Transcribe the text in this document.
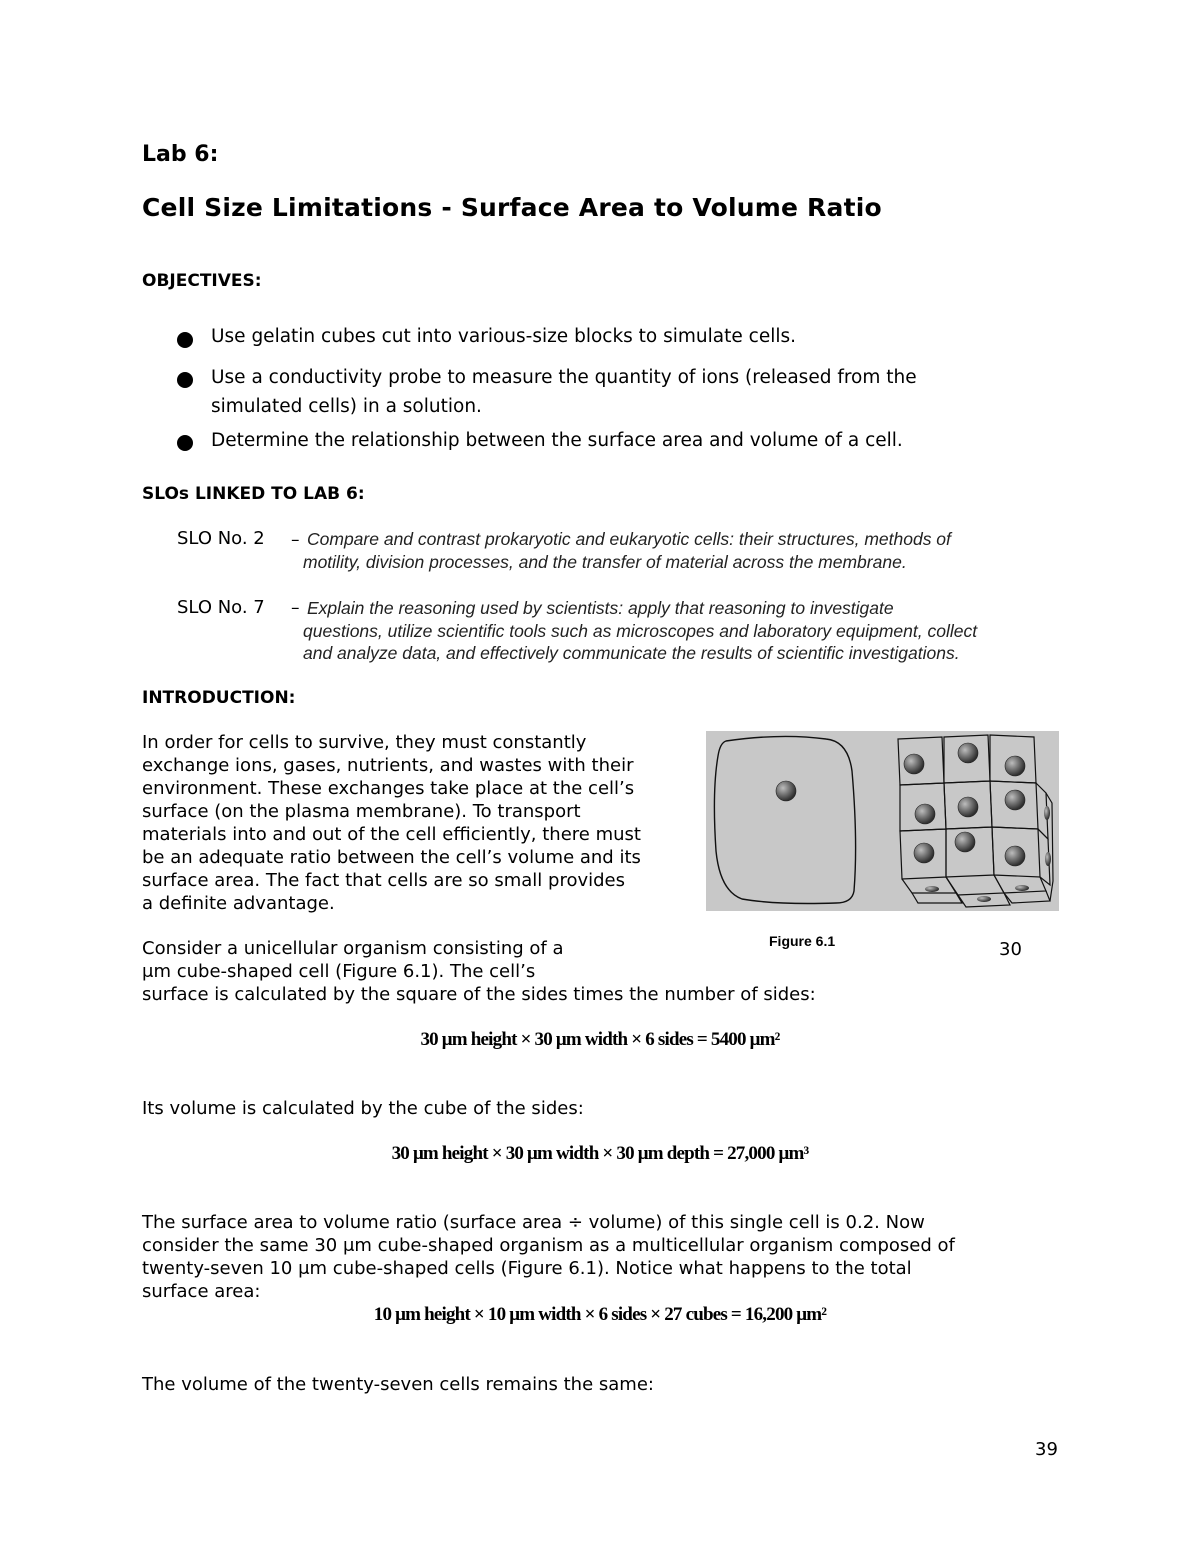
Lab 6:
Cell Size Limitations - Surface Area to Volume Ratio
OBJECTIVES:
Use gelatin cubes cut into various-size blocks to simulate cells.
Use a conductivity probe to measure the quantity of ions (released from the
simulated cells) in a solution.
Determine the relationship between the surface area and volume of a cell.
SLOs LINKED TO LAB 6:
SLO No. 2 – Compare and contrast prokaryotic and eukaryotic cells: their structures, methods of
motility, division processes, and the transfer of material across the membrane.
SLO No. 7 – Explain the reasoning used by scientists: apply that reasoning to investigate
questions, utilize scientific tools such as microscopes and laboratory equipment, collect
and analyze data, and effectively communicate the results of scientific investigations.
INTRODUCTION:
In order for cells to survive, they must constantly
exchange ions, gases, nutrients, and wastes with their
environment. These exchanges take place at the cell’s
surface (on the plasma membrane). To transport
materials into and out of the cell efficiently, there must
be an adequate ratio between the cell’s volume and its
surface area. The fact that cells are so small provides
a definite advantage.
Figure 6.1
Consider a unicellular organism consisting of a	30
μm cube-shaped cell (Figure 6.1). The cell’s
surface is calculated by the square of the sides times the number of sides:
30 μm height × 30 μm width × 6 sides = 5400 μm²
Its volume is calculated by the cube of the sides:
30 μm height × 30 μm width × 30 μm depth = 27,000 μm³
The surface area to volume ratio (surface area ÷ volume) of this single cell is 0.2. Now
consider the same 30 μm cube-shaped organism as a multicellular organism composed of
twenty-seven 10 μm cube-shaped cells (Figure 6.1). Notice what happens to the total
surface area:
10 μm height × 10 μm width × 6 sides × 27 cubes = 16,200 μm²
The volume of the twenty-seven cells remains the same:
39
